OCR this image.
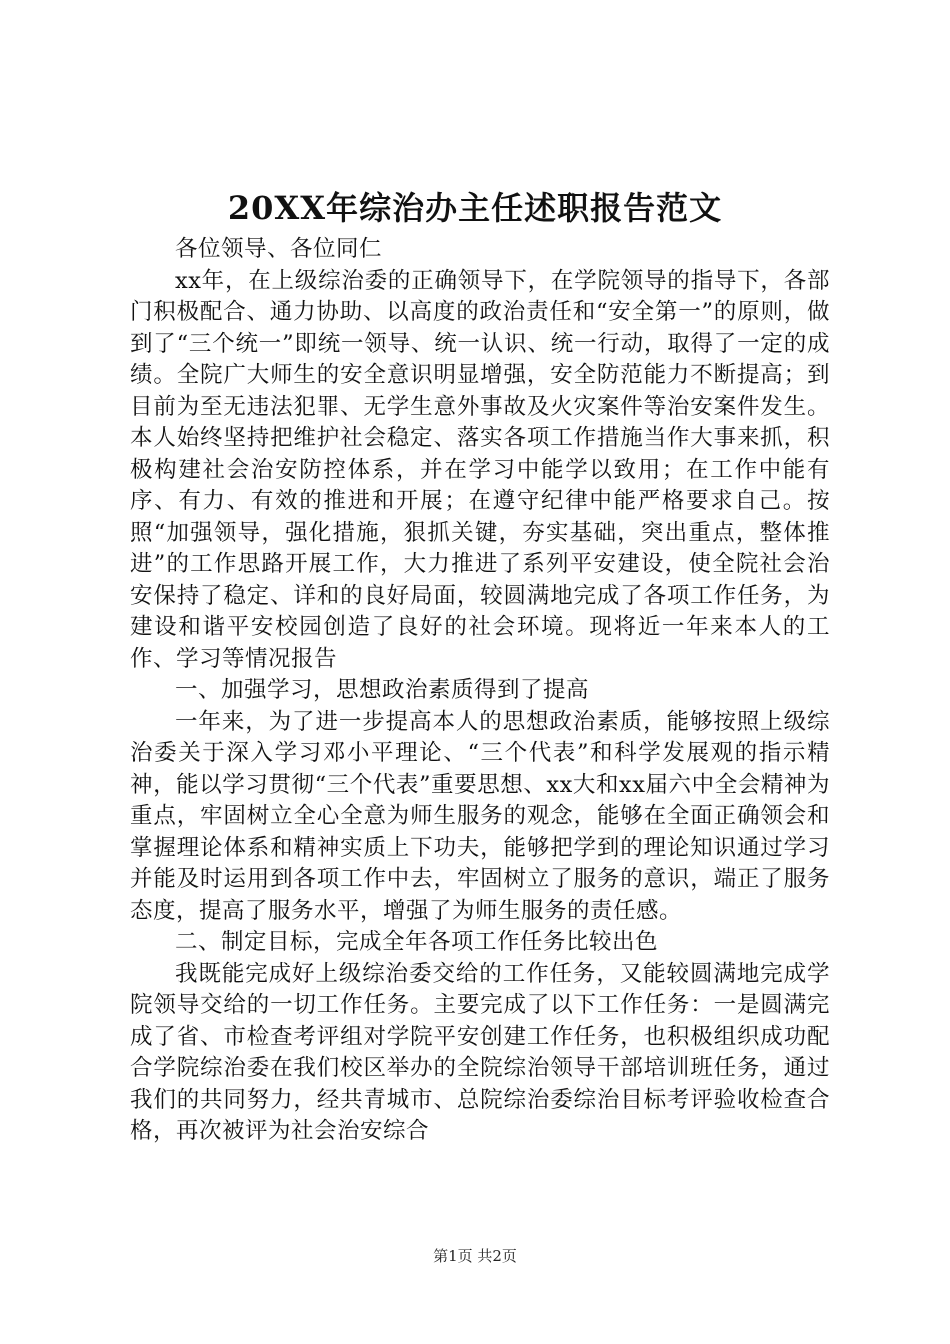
20XX年综治办主任述职报告范文

各位领导、各位同仁

xx年，在上级综治委的正确领导下，在学院领导的指导下，各部门积极配合、通力协助、以高度的政治责任和“安全第一”的原则，做到了“三个统一”即统一领导、统一认识、统一行动，取得了一定的成绩。全院广大师生的安全意识明显增强，安全防范能力不断提高；到目前为至无违法犯罪、无学生意外事故及火灾案件等治安案件发生。本人始终坚持把维护社会稳定、落实各项工作措施当作大事来抓，积极构建社会治安防控体系，并在学习中能学以致用；在工作中能有序、有力、有效的推进和开展；在遵守纪律中能严格要求自己。按照“加强领导，强化措施，狠抓关键，夯实基础，突出重点，整体推进”的工作思路开展工作，大力推进了系列平安建设，使全院社会治安保持了稳定、详和的良好局面，较圆满地完成了各项工作任务，为建设和谐平安校园创造了良好的社会环境。现将近一年来本人的工作、学习等情况报告

一、加强学习，思想政治素质得到了提高

一年来，为了进一步提高本人的思想政治素质，能够按照上级综治委关于深入学习邓小平理论、“三个代表”和科学发展观的指示精神，能以学习贯彻“三个代表”重要思想、xx大和xx届六中全会精神为重点，牢固树立全心全意为师生服务的观念，能够在全面正确领会和掌握理论体系和精神实质上下功夫，能够把学到的理论知识通过学习并能及时运用到各项工作中去，牢固树立了服务的意识，端正了服务态度，提高了服务水平，增强了为师生服务的责任感。

二、制定目标，完成全年各项工作任务比较出色

我既能完成好上级综治委交给的工作任务，又能较圆满地完成学院领导交给的一切工作任务。主要完成了以下工作任务：一是圆满完成了省、市检查考评组对学院平安创建工作任务，也积极组织成功配合学院综治委在我们校区举办的全院综治领导干部培训班任务，通过我们的共同努力，经共青城市、总院综治委综治目标考评验收检查合格，再次被评为社会治安综合

第1页 共2页
